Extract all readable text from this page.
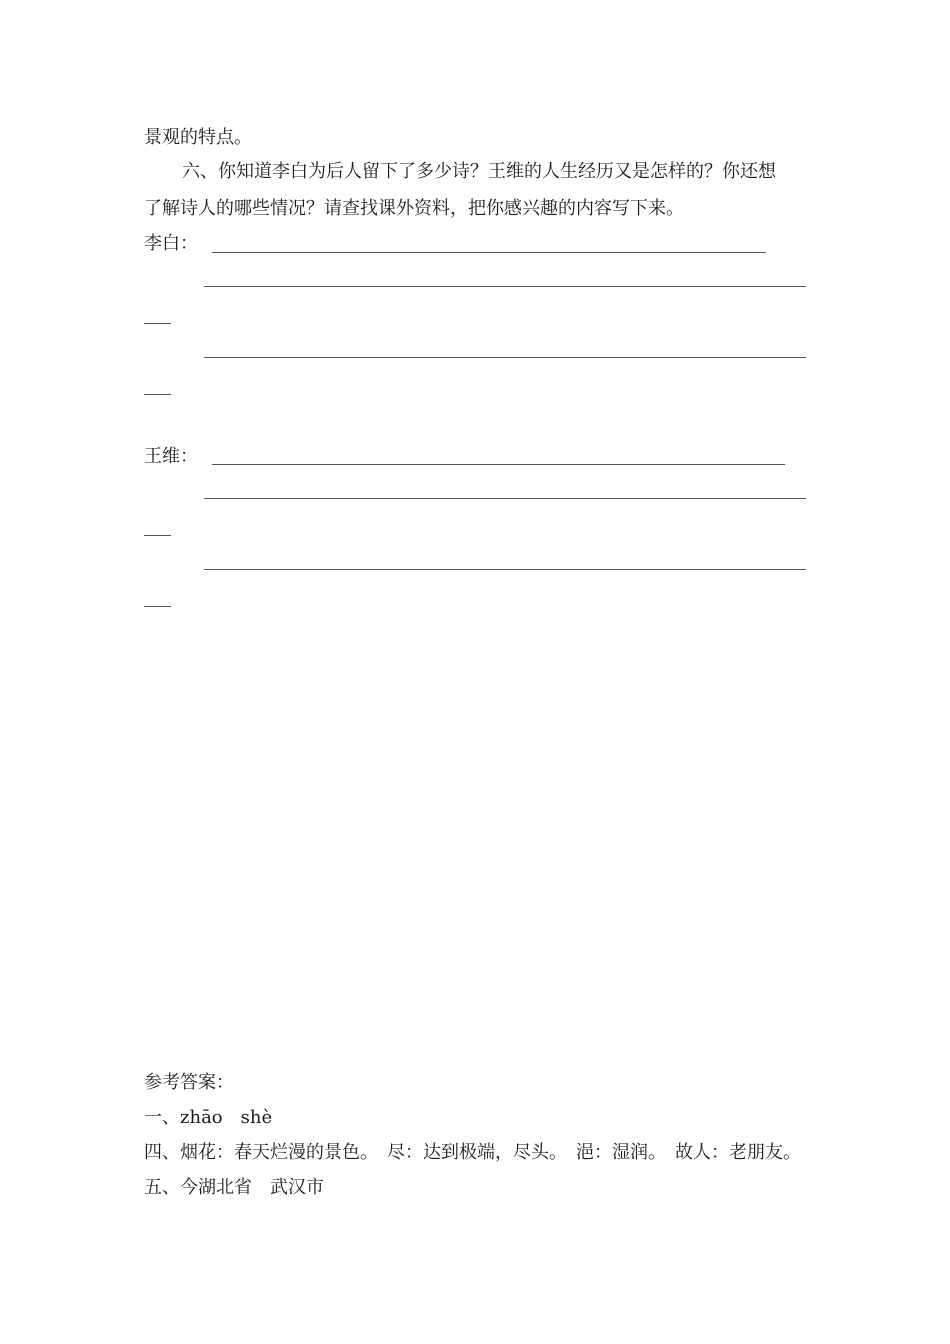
景观的特点。
六、你知道李白为后人留下了多少诗？王维的人生经历又是怎样的？你还想
了解诗人的哪些情况？请查找课外资料，把你感兴趣的内容写下来。
李白：
王维：
参考答案：
一、zhāo　shè
四、烟花：春天烂漫的景色。　尽：达到极端，尽头。　浥：湿润。　故人：老朋友。
五、今湖北省　武汉市
